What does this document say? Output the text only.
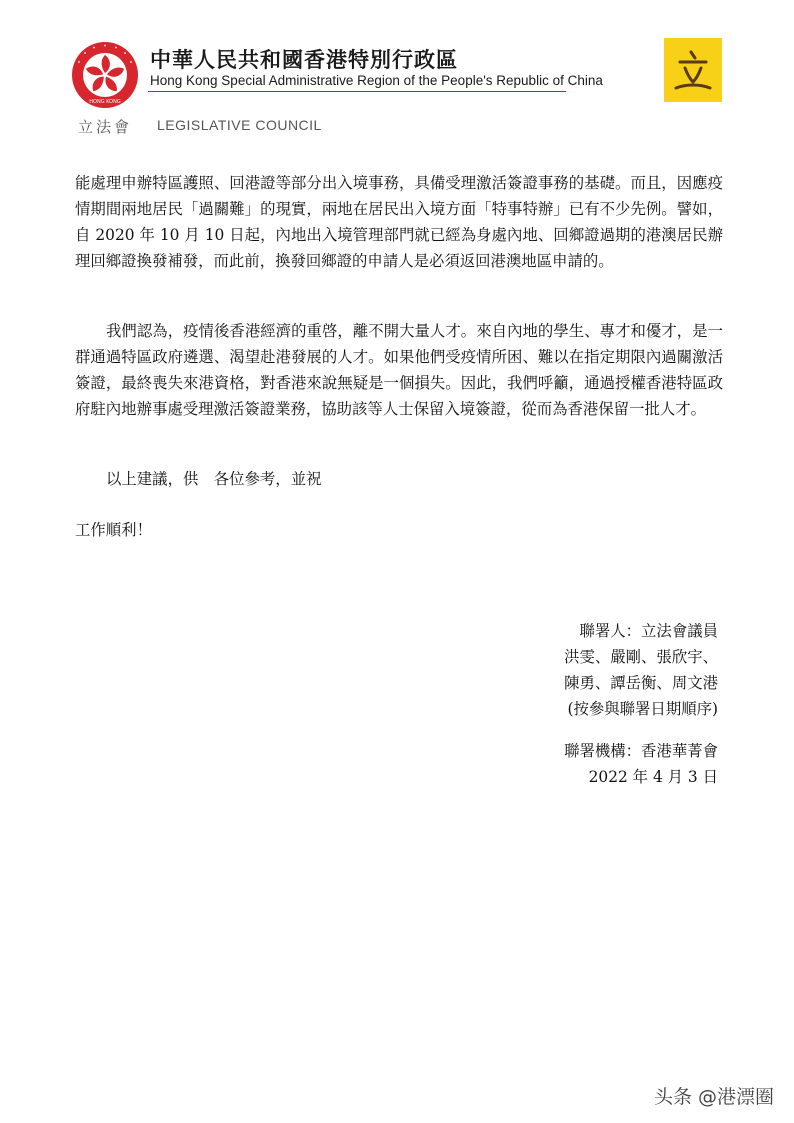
HONG KONG
中華人民共和國香港特別行政區
Hong Kong Special Administrative Region of the People's Republic of China
立法會 LEGISLATIVE COUNCIL

能處理申辦特區護照、回港證等部分出入境事務，具備受理激活簽證事務的基礎。而且，因應疫情期間兩地居民「過關難」的現實，兩地在居民出入境方面「特事特辦」已有不少先例。譬如，自 2020 年 10 月 10 日起，內地出入境管理部門就已經為身處內地、回鄉證過期的港澳居民辦理回鄉證換發補發，而此前，換發回鄉證的申請人是必須返回港澳地區申請的。

我們認為，疫情後香港經濟的重啓，離不開大量人才。來自內地的學生、專才和優才，是一群通過特區政府遴選、渴望赴港發展的人才。如果他們受疫情所困、難以在指定期限內過關激活簽證，最終喪失來港資格，對香港來說無疑是一個損失。因此，我們呼籲，通過授權香港特區政府駐內地辦事處受理激活簽證業務，協助該等人士保留入境簽證，從而為香港保留一批人才。

以上建議，供　各位參考，並祝

工作順利！

聯署人：立法會議員
洪雯、嚴剛、張欣宇、
陳勇、譚岳衡、周文港
(按參與聯署日期順序)
聯署機構：香港華菁會
2022 年 4 月 3 日
头条 @港漂圈
